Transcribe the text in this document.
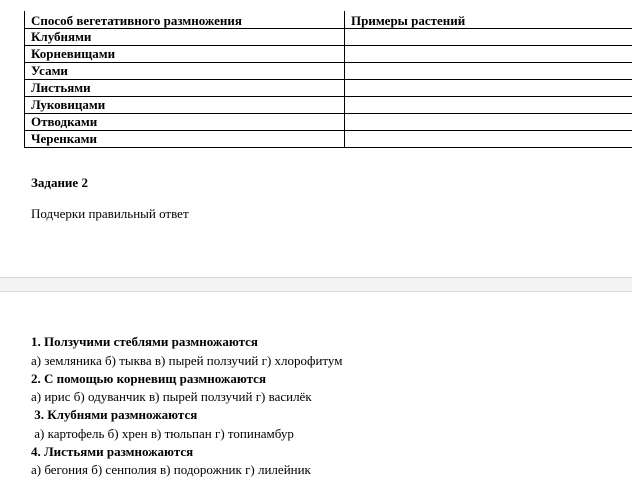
Способ вегетативного размножения	Примеры растений
Клубнями	
Корневищами	
Усами	
Листьями	
Луковицами	
Отводками	
Черенками	
Задание 2
Подчерки правильный ответ
1. Ползучими стеблями размножаются
а) земляника б) тыква в) пырей ползучий г) хлорофитум
2. С помощью корневищ размножаются
а) ирис б) одуванчик в) пырей ползучий г) василёк
3. Клубнями размножаются
а) картофель б) хрен в) тюльпан г) топинамбур
4. Листьями размножаются
а) бегония б) сенполия в) подорожник г) лилейник
